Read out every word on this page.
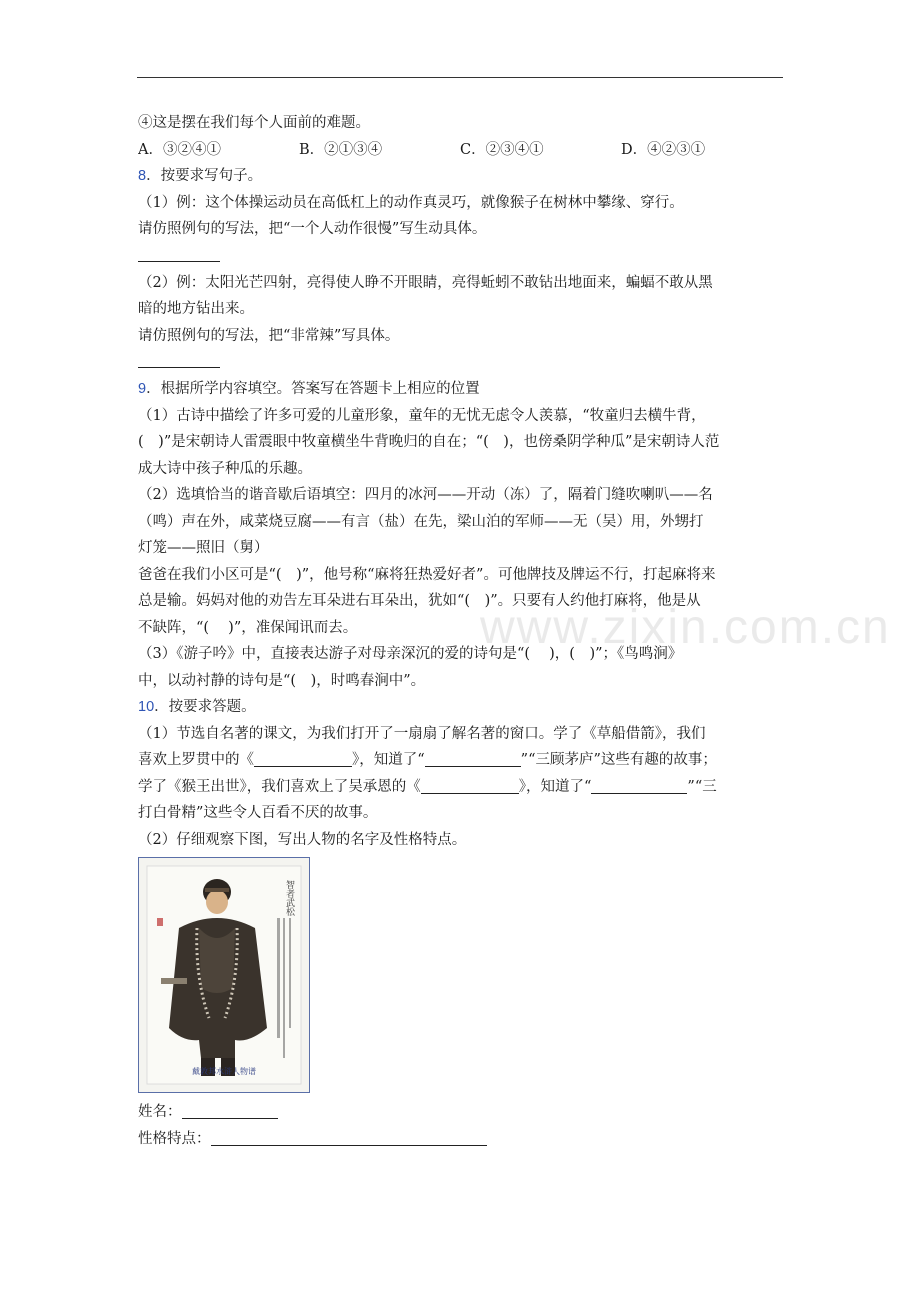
④这是摆在我们每个人面前的难题。
A．③②④①	B．②①③④	C．②③④①	D．④②③①
8．按要求写句子。
（1）例：这个体操运动员在高低杠上的动作真灵巧，就像猴子在树林中攀缘、穿行。
请仿照例句的写法，把“一个人动作很慢”写生动具体。
（2）例：太阳光芒四射，亮得使人睁不开眼睛，亮得蚯蚓不敢钻出地面来，蝙蝠不敢从黑
暗的地方钻出来。
请仿照例句的写法，把“非常辣”写具体。
9．根据所学内容填空。答案写在答题卡上相应的位置
（1）古诗中描绘了许多可爱的儿童形象，童年的无忧无虑令人羡慕，“牧童归去横牛背，
(　)”是宋朝诗人雷震眼中牧童横坐牛背晚归的自在；“(　)，也傍桑阴学种瓜”是宋朝诗人范
成大诗中孩子种瓜的乐趣。
（2）选填恰当的谐音歇后语填空：四月的冰河——开动（冻）了，隔着门缝吹喇叭——名
（鸣）声在外，咸菜烧豆腐——有言（盐）在先，梁山泊的军师——无（吴）用，外甥打
灯笼——照旧（舅）
爸爸在我们小区可是“(　)”，他号称“麻将狂热爱好者”。可他牌技及牌运不行，打起麻将来
总是输。妈妈对他的劝告左耳朵进右耳朵出，犹如“(　)”。只要有人约他打麻将，他是从
不缺阵，“(　 )”，准保闻讯而去。
（3）《游子吟》中，直接表达游子对母亲深沉的爱的诗句是“(　 )，(　)”；《鸟鸣涧》
中，以动衬静的诗句是“(　)，时鸣春涧中”。
10．按要求答题。
（1）节选自名著的课文，为我们打开了一扇扇了解名著的窗口。学了《草船借箭》，我们
喜欢上罗贯中的《	》，知道了“	”“三顾茅庐”这些有趣的故事；
学了《猴王出世》，我们喜欢上了吴承恩的《	》，知道了“	”“三
打白骨精”这些令人百看不厌的故事。
（2）仔细观察下图，写出人物的名字及性格特点。
智者武松
戴敦邦水浒人物谱
姓名：
性格特点：
www.zixin.com.cn
